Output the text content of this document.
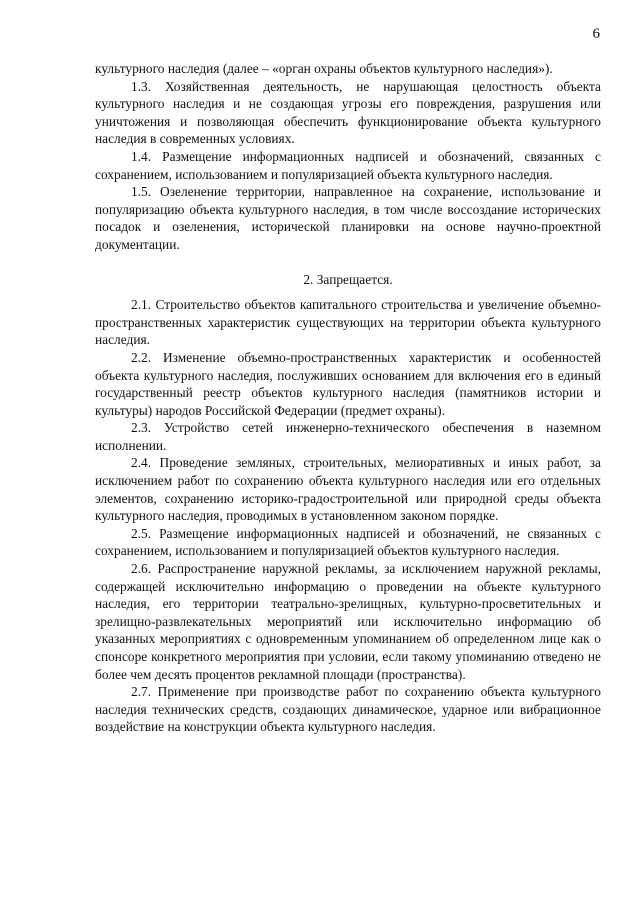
6

культурного наследия (далее – «орган охраны объектов культурного наследия»).

1.3. Хозяйственная деятельность, не нарушающая целостность объекта культурного наследия и не создающая угрозы его повреждения, разрушения или уничтожения и позволяющая обеспечить функционирование объекта культурного наследия в современных условиях.

1.4. Размещение информационных надписей и обозначений, связанных с сохранением, использованием и популяризацией объекта культурного наследия.

1.5. Озеленение территории, направленное на сохранение, использование и популяризацию объекта культурного наследия, в том числе воссоздание исторических посадок и озеленения, исторической планировки на основе научно-проектной документации.

2. Запрещается.

2.1. Строительство объектов капитального строительства и увеличение объемно-пространственных характеристик существующих на территории объекта культурного наследия.

2.2. Изменение объемно-пространственных характеристик и особенностей объекта культурного наследия, послуживших основанием для включения его в единый государственный реестр объектов культурного наследия (памятников истории и культуры) народов Российской Федерации (предмет охраны).

2.3. Устройство сетей инженерно-технического обеспечения в наземном исполнении.

2.4. Проведение земляных, строительных, мелиоративных и иных работ, за исключением работ по сохранению объекта культурного наследия или его отдельных элементов, сохранению историко-градостроительной или природной среды объекта культурного наследия, проводимых в установленном законом порядке.

2.5. Размещение информационных надписей и обозначений, не связанных с сохранением, использованием и популяризацией объектов культурного наследия.

2.6. Распространение наружной рекламы, за исключением наружной рекламы, содержащей исключительно информацию о проведении на объекте культурного наследия, его территории театрально-зрелищных, культурно-просветительных и зрелищно-развлекательных мероприятий или исключительно информацию об указанных мероприятиях с одновременным упоминанием об определенном лице как о спонсоре конкретного мероприятия при условии, если такому упоминанию отведено не более чем десять процентов рекламной площади (пространства).

2.7. Применение при производстве работ по сохранению объекта культурного наследия технических средств, создающих динамическое, ударное или вибрационное воздействие на конструкции объекта культурного наследия.
